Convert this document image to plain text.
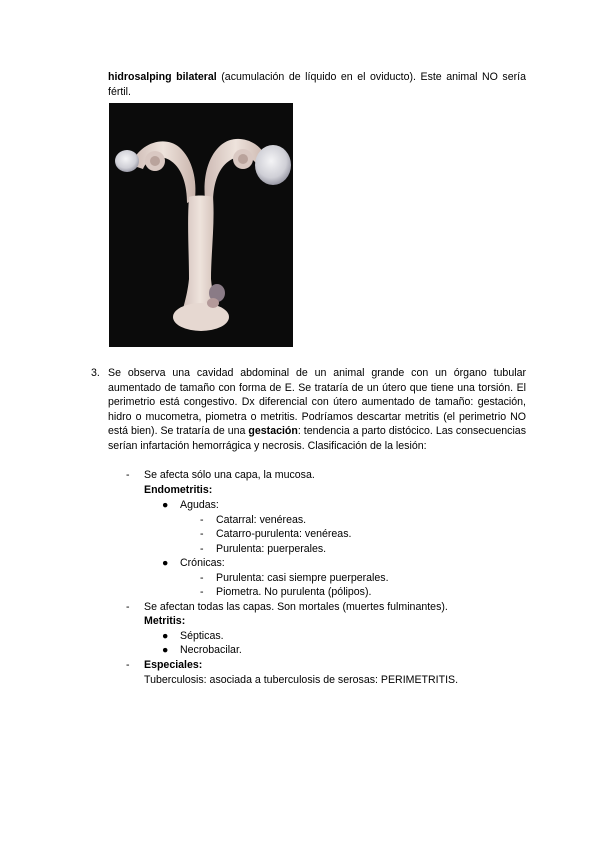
hidrosalping bilateral (acumulación de líquido en el oviducto). Este animal NO sería fértil.

3. Se observa una cavidad abdominal de un animal grande con un órgano tubular aumentado de tamaño con forma de E. Se trataría de un útero que tiene una torsión. El perimetrio está congestivo. Dx diferencial con útero aumentado de tamaño: gestación, hidro o mucometra, piometra o metritis. Podríamos descartar metritis (el perimetrio NO está bien). Se trataría de una gestación: tendencia a parto distócico. Las consecuencias serían infartación hemorrágica y necrosis. Clasificación de la lesión:

- Se afecta sólo una capa, la mucosa.
Endometritis:
● Agudas:
- Catarral: venéreas.
- Catarro-purulenta: venéreas.
- Purulenta: puerperales.
● Crónicas:
- Purulenta: casi siempre puerperales.
- Piometra. No purulenta (pólipos).
- Se afectan todas las capas. Son mortales (muertes fulminantes).
Metritis:
● Sépticas.
● Necrobacilar.
- Especiales:
Tuberculosis: asociada a tuberculosis de serosas: PERIMETRITIS.
